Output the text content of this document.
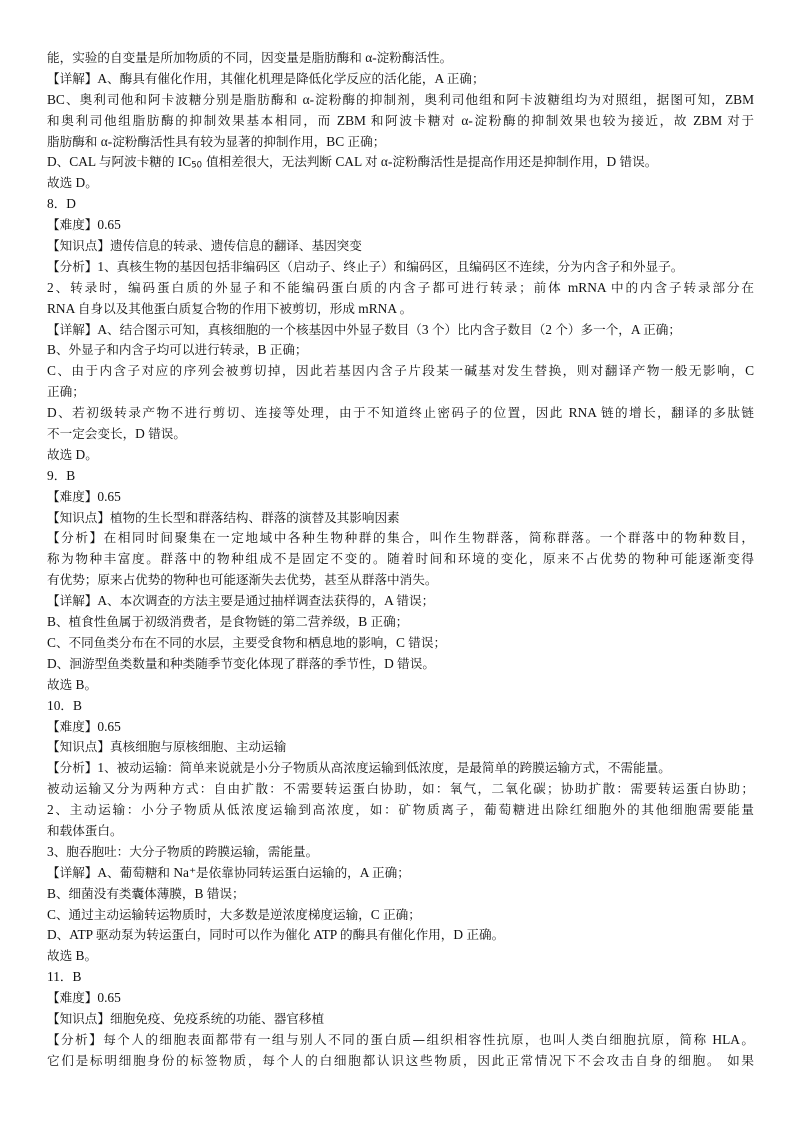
能，实验的自变量是所加物质的不同，因变量是脂肪酶和 α-淀粉酶活性。
【详解】A、酶具有催化作用，其催化机理是降低化学反应的活化能，A 正确；
BC、奥利司他和阿卡波糖分别是脂肪酶和 α-淀粉酶的抑制剂，奥利司他组和阿卡波糖组均为对照组，据图可知，ZBM
和奥利司他组脂肪酶的抑制效果基本相同，而 ZBM 和阿波卡糖对 α-淀粉酶的抑制效果也较为接近，故 ZBM 对于
脂肪酶和 α-淀粉酶活性具有较为显著的抑制作用，BC 正确；
D、CAL 与阿波卡糖的 $IC_{50}$ 值相差很大，无法判断 CAL 对 α-淀粉酶活性是提高作用还是抑制作用，D 错误。
故选 D。
8．D
【难度】0.65
【知识点】遗传信息的转录、遗传信息的翻译、基因突变
【分析】1、真核生物的基因包括非编码区（启动子、终止子）和编码区，且编码区不连续，分为内含子和外显子。
2、转录时，编码蛋白质的外显子和不能编码蛋白质的内含子都可进行转录；前体 mRNA 中的内含子转录部分在
RNA 自身以及其他蛋白质复合物的作用下被剪切，形成 mRNA 。
【详解】A、结合图示可知，真核细胞的一个核基因中外显子数目（3 个）比内含子数目（2 个）多一个，A 正确；
B、外显子和内含子均可以进行转录，B 正确；
C、由于内含子对应的序列会被剪切掉，因此若基因内含子片段某一碱基对发生替换，则对翻译产物一般无影响，C
正确；
D、若初级转录产物不进行剪切、连接等处理，由于不知道终止密码子的位置，因此 RNA 链的增长，翻译的多肽链
不一定会变长，D 错误。
故选 D。
9．B
【难度】0.65
【知识点】植物的生长型和群落结构、群落的演替及其影响因素
【分析】在相同时间聚集在一定地域中各种生物种群的集合，叫作生物群落，简称群落。一个群落中的物种数目，
称为物种丰富度。群落中的物种组成不是固定不变的。随着时间和环境的变化，原来不占优势的物种可能逐渐变得
有优势；原来占优势的物种也可能逐渐失去优势，甚至从群落中消失。
【详解】A、本次调查的方法主要是通过抽样调查法获得的，A 错误；
B、植食性鱼属于初级消费者，是食物链的第二营养级，B 正确；
C、不同鱼类分布在不同的水层，主要受食物和栖息地的影响，C 错误；
D、洄游型鱼类数量和种类随季节变化体现了群落的季节性，D 错误。
故选 B。
10．B
【难度】0.65
【知识点】真核细胞与原核细胞、主动运输
【分析】1、被动运输：简单来说就是小分子物质从高浓度运输到低浓度，是最简单的跨膜运输方式，不需能量。
被动运输又分为两种方式：自由扩散：不需要转运蛋白协助，如：氧气，二氧化碳；协助扩散：需要转运蛋白协助；
2、主动运输：小分子物质从低浓度运输到高浓度，如：矿物质离子，葡萄糖进出除红细胞外的其他细胞需要能量
和载体蛋白。
3、胞吞胞吐：大分子物质的跨膜运输，需能量。
【详解】A、葡萄糖和 Na⁺是依靠协同转运蛋白运输的，A 正确；
B、细菌没有类囊体薄膜，B 错误；
C、通过主动运输转运物质时，大多数是逆浓度梯度运输，C 正确；
D、ATP 驱动泵为转运蛋白，同时可以作为催化 ATP 的酶具有催化作用，D 正确。
故选 B。
11．B
【难度】0.65
【知识点】细胞免疫、免疫系统的功能、器官移植
【分析】每个人的细胞表面都带有一组与别人不同的蛋白质—组织相容性抗原，也叫人类白细胞抗原，简称 HLA。
它们是标明细胞身份的标签物质，每个人的白细胞都认识这些物质，因此正常情况下不会攻击自身的细胞。 如果
